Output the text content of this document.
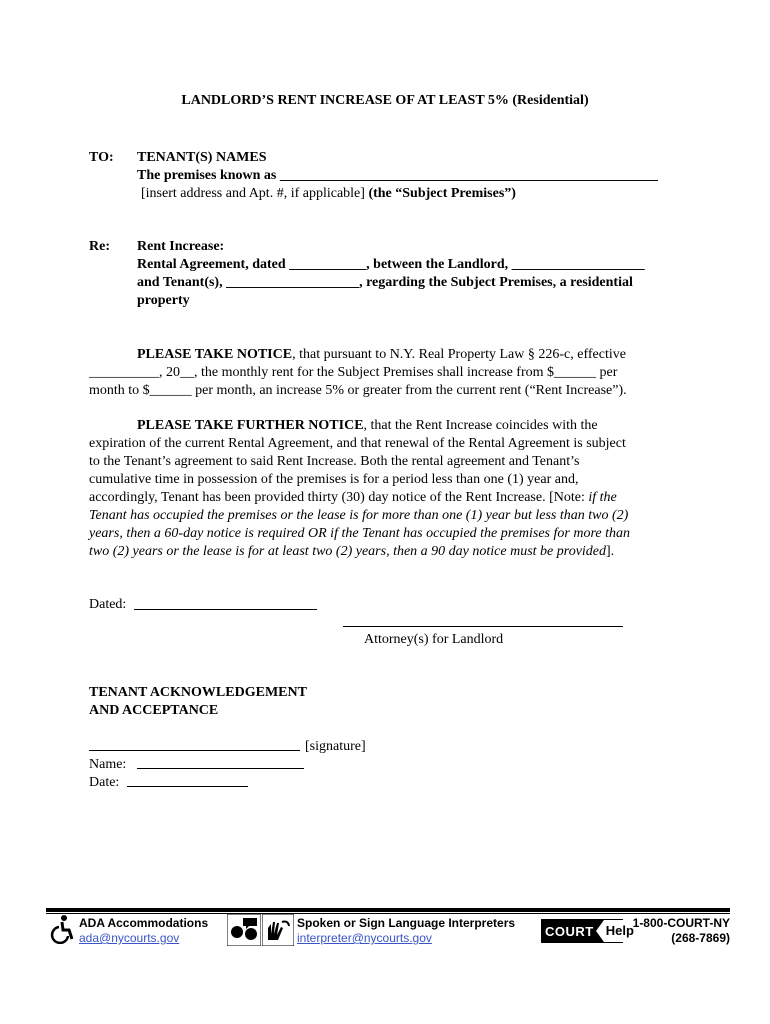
LANDLORD’S RENT INCREASE OF AT LEAST 5% (Residential)
TO: TENANT(S) NAMES
The premises known as ______________________________________________________
[insert address and Apt. #, if applicable] (the “Subject Premises”)
Re: Rent Increase:
Rental Agreement, dated ___________, between the Landlord, ___________________
and Tenant(s), ___________________, regarding the Subject Premises, a residential
property
PLEASE TAKE NOTICE, that pursuant to N.Y. Real Property Law § 226-c, effective
__________, 20__, the monthly rent for the Subject Premises shall increase from $______ per
month to $______ per month, an increase 5% or greater from the current rent (“Rent Increase”).
PLEASE TAKE FURTHER NOTICE, that the Rent Increase coincides with the
expiration of the current Rental Agreement, and that renewal of the Rental Agreement is subject
to the Tenant’s agreement to said Rent Increase. Both the rental agreement and Tenant’s
cumulative time in possession of the premises is for a period less than one (1) year and,
accordingly, Tenant has been provided thirty (30) day notice of the Rent Increase. [Note: if the
Tenant has occupied the premises or the lease is for more than one (1) year but less than two (2)
years, then a 60-day notice is required OR if the Tenant has occupied the premises for more than
two (2) years or the lease is for at least two (2) years, then a 90 day notice must be provided].
Dated:
Attorney(s) for Landlord
TENANT ACKNOWLEDGEMENT
AND ACCEPTANCE
[signature]
Name:
Date:
ADA Accommodations
ada@nycourts.gov
Spoken or Sign Language Interpreters
interpreter@nycourts.gov	COURT Help
1-800-COURT-NY
(268-7869)
